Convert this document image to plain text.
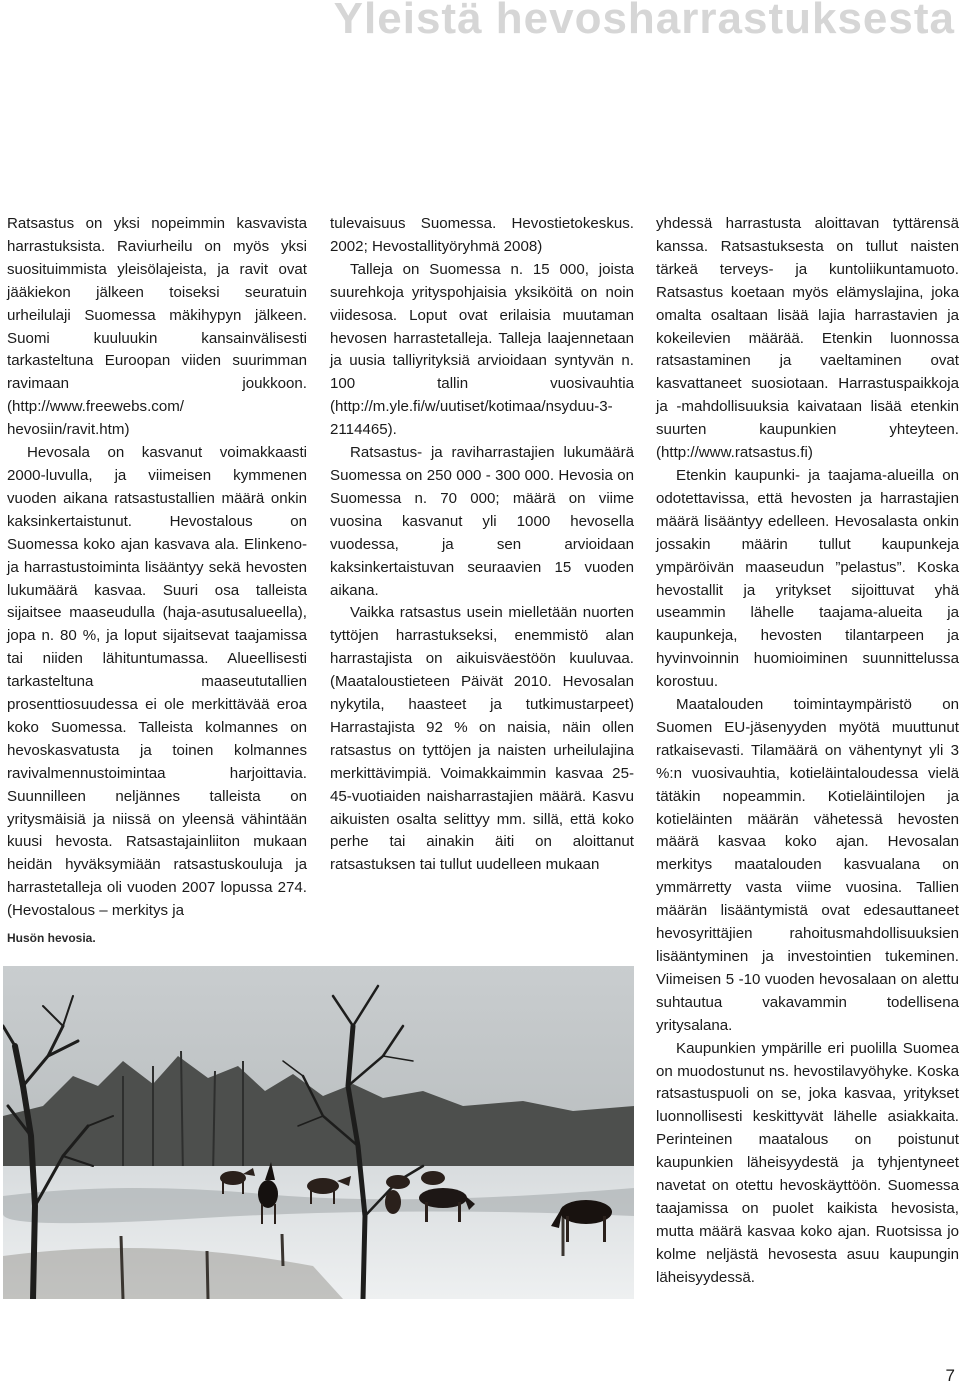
Yleistä hevosharrastuksesta

Ratsastus on yksi nopeimmin kasvavista harrastuksista. Raviurheilu on myös yksi suosituimmista yleisölajeista, ja ravit ovat jääkiekon jälkeen toiseksi seuratuin urheilulaji Suomessa mäkihypyn jälkeen. Suomi kuuluukin kansainvälisesti tarkasteltuna Euroopan viiden suurimman ravimaan joukkoon. (http://www.freewebs.com/ hevosiin/ravit.htm)

Hevosala on kasvanut voimakkaasti 2000-luvulla, ja viimeisen kymmenen vuoden aikana ratsastustallien määrä onkin kaksinkertaistunut. Hevostalous on Suomessa koko ajan kasvava ala. Elinkeno- ja harrastustoiminta lisääntyy sekä hevosten lukumäärä kasvaa. Suuri osa talleista sijaitsee maaseudulla (haja-asutusalueella), jopa n. 80 %, ja loput sijaitsevat taajamissa tai niiden lähituntumassa. Alueellisesti tarkasteltuna maaseututallien prosenttiosuudessa ei ole merkittävää eroa koko Suomessa. Talleista kolmannes on hevoskasvatusta ja toinen kolmannes ravivalmennustoimintaa harjoittavia. Suunnilleen neljännes talleista on yritysmäisiä ja niissä on yleensä vähintään kuusi hevosta. Ratsastajainliiton mukaan heidän hyväksymiään ratsastuskouluja ja harrastetalleja oli vuoden 2007 lopussa 274. (Hevostalous – merkitys ja

tulevaisuus Suomessa. Hevostietokeskus. 2002; Hevostallityöryhmä 2008)

Talleja on Suomessa n. 15 000, joista suurehkoja yrityspohjaisia yksiköitä on noin viidesosa. Loput ovat erilaisia muutaman hevosen harrastetalleja. Talleja laajennetaan ja uusia talliyrityksiä arvioidaan syntyvän n. 100 tallin vuosivauhtia (http://m.yle.fi/w/uutiset/kotimaa/nsyduu-3-2114465).

Ratsastus- ja raviharrastajien lukumäärä Suomessa on 250 000 - 300 000. Hevosia on Suomessa n. 70 000; määrä on viime vuosina kasvanut yli 1000 hevosella vuodessa, ja sen arvioidaan kaksinkertaistuvan seuraavien 15 vuoden aikana.

Vaikka ratsastus usein mielletään nuorten tyttöjen harrastukseksi, enemmistö alan harrastajista on aikuisväestöön kuuluvaa. (Maataloustieteen Päivät 2010. Hevosalan nykytila, haasteet ja tutkimustarpeet) Harrastajista 92 % on naisia, näin ollen ratsastus on tyttöjen ja naisten urheilulajina merkittävimpiä. Voimakkaimmin kasvaa 25-45-vuotiaiden naisharrastajien määrä. Kasvu aikuisten osalta selittyy mm. sillä, että koko perhe tai ainakin äiti on aloittanut ratsastuksen tai tullut uudelleen mukaan

yhdessä harrastusta aloittavan tyttärensä kanssa. Ratsastuksesta on tullut naisten tärkeä terveys- ja kuntoliikuntamuoto. Ratsastus koetaan myös elämyslajina, joka omalta osaltaan lisää lajia harrastavien ja kokeilevien määrää. Etenkin luonnossa ratsastaminen ja vaeltaminen ovat kasvattaneet suosiotaan. Harrastuspaikkoja ja -mahdollisuuksia kaivataan lisää etenkin suurten kaupunkien yhteyteen. (http://www.ratsastus.fi)

Etenkin kaupunki- ja taajama-alueilla on odotettavissa, että hevosten ja harrastajien määrä lisääntyy edelleen. Hevosalasta onkin jossakin määrin tullut kaupunkeja ympäröivän maaseudun ”pelastus”. Koska hevostallit ja yritykset sijoittuvat yhä useammin lähelle taajama-alueita ja kaupunkeja, hevosten tilantarpeen ja hyvinvoinnin huomioiminen suunnittelussa korostuu.

Maatalouden toimintaympäristö on Suomen EU-jäsenyyden myötä muuttunut ratkaisevasti. Tilamäärä on vähentynyt yli 3 %:n vuosivauhtia, kotieläintaloudessa vielä tätäkin nopeammin. Kotieläintilojen ja kotieläinten määrän vähetessä hevosten määrä kasvaa koko ajan. Hevosalan merkitys maatalouden kasvualana on ymmärretty vasta viime vuosina. Tallien määrän lisääntymistä ovat edesauttaneet hevosyrittäjien rahoitusmahdollisuuksien lisääntyminen ja investointien tukeminen. Viimeisen 5 -10 vuoden hevosalaan on alettu suhtautua vakavammin todellisena yritysalana.

Kaupunkien ympärille eri puolilla Suomea on muodostunut ns. hevostilavyöhyke. Koska ratsastuspuoli on se, joka kasvaa, yritykset luonnollisesti keskittyvät lähelle asiakkaita. Perinteinen maatalous on poistunut kaupunkien läheisyydestä ja tyhjentyneet navetat on otettu hevoskäyttöön. Suomessa taajamissa on puolet kaikista hevosista, mutta määrä kasvaa koko ajan. Ruotsissa jo kolme neljästä hevosesta asuu kaupungin läheisyydessä.

Husön hevosia.
7
